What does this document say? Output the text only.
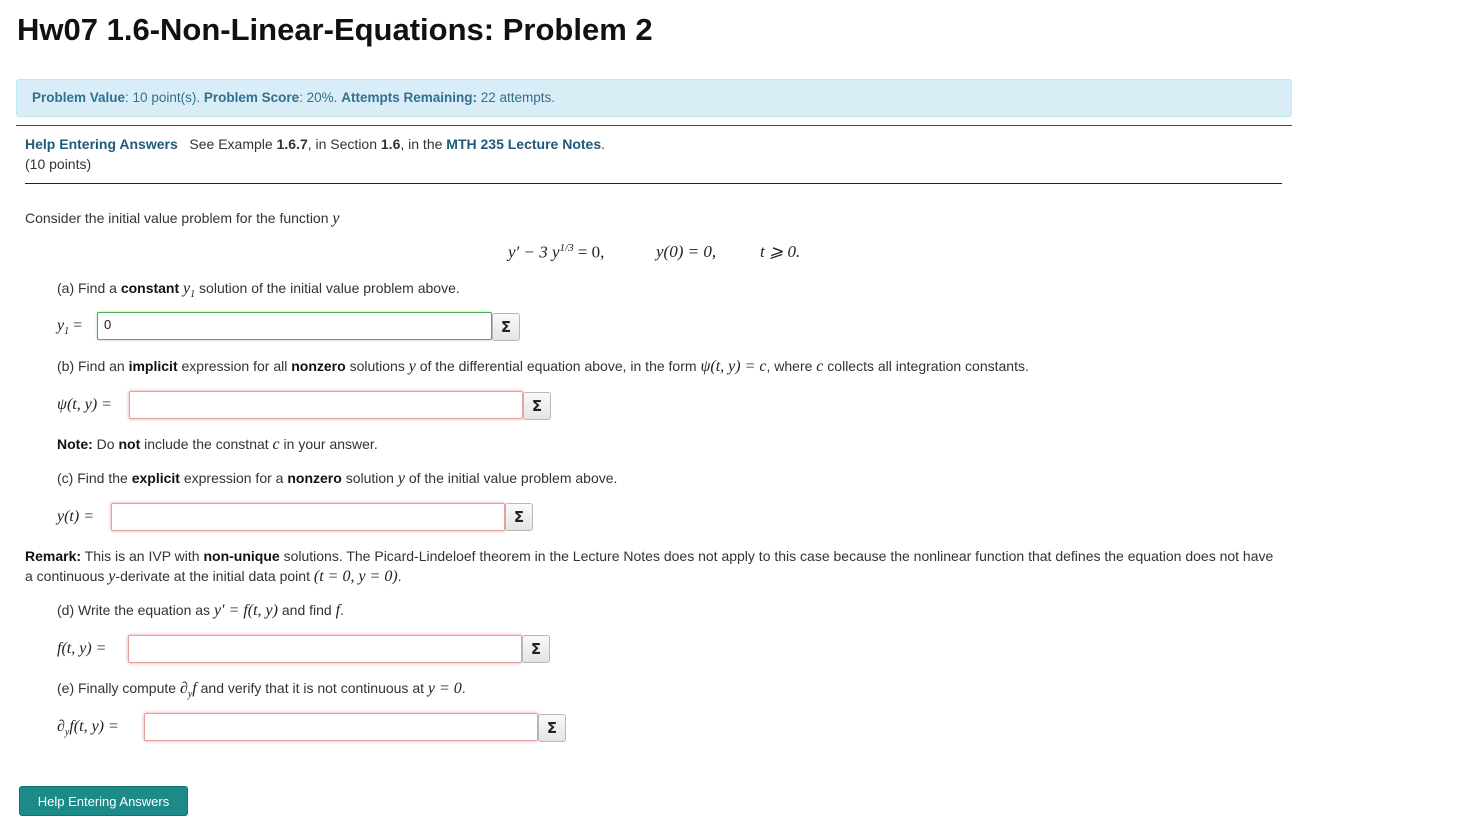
Hw07 1.6-Non-Linear-Equations: Problem 2
Problem Value: 10 point(s). Problem Score: 20%. Attempts Remaining: 22 attempts.
Help Entering Answers See Example 1.6.7, in Section 1.6, in the MTH 235 Lecture Notes.
(10 points)
Consider the initial value problem for the function y
y′ − 3 $y^{1/3} = 0$,	y(0) = 0,	t ⩾ 0.
(a) Find a constant $y_1$ solution of the initial value problem above.
$y_1$ =	0	Σ
(b) Find an implicit expression for all nonzero solutions y of the differential equation above, in the form ψ(t, y) = c, where c collects all integration constants.
ψ(t, y) =	Σ
Note: Do not include the constnat c in your answer.
(c) Find the explicit expression for a nonzero solution y of the initial value problem above.
y(t) =	Σ
Remark: This is an IVP with non-unique solutions. The Picard-Lindeloef theorem in the Lecture Notes does not apply to this case because the nonlinear function that defines the equation does not have
a continuous y-derivate at the initial data point (t = 0, y = 0).
(d) Write the equation as y′ = f(t, y) and find f.
f(t, y) =	Σ
(e) Finally compute $\partial_yf$ and verify that it is not continuous at y = 0.
$\partial_yf(t$, y) =	Σ
Help Entering Answers
